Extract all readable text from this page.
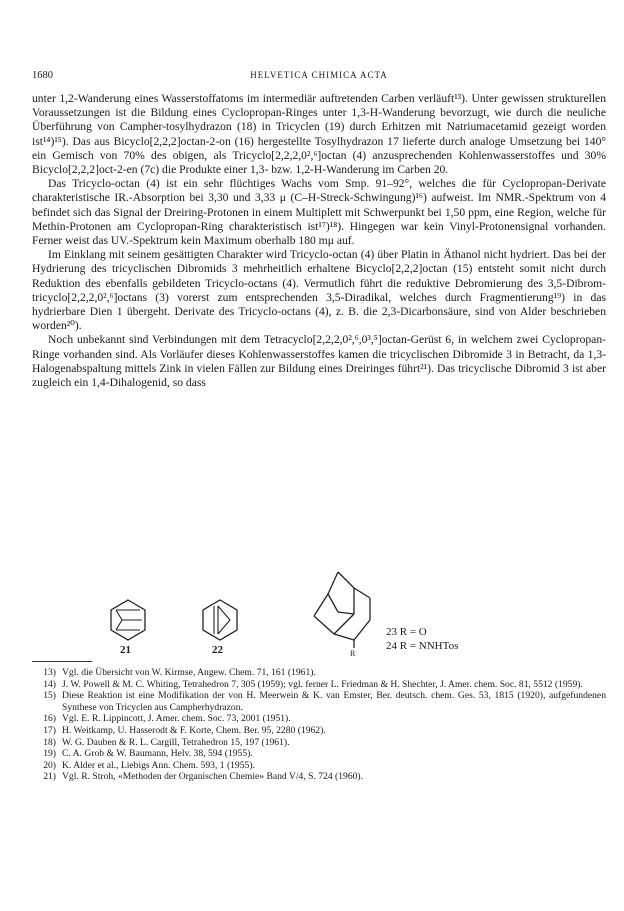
1680	HELVETICA CHIMICA ACTA

unter 1,2-Wanderung eines Wasserstoffatoms im intermediär auftretenden Carben verläuft¹³). Unter gewissen strukturellen Voraussetzungen ist die Bildung eines Cyclopropan-Ringes unter 1,3-H-Wanderung bevorzugt, wie durch die neuliche Überführung von Campher-tosylhydrazon (18) in Tricyclen (19) durch Erhitzen mit Natriumacetamid gezeigt worden ist¹⁴)¹⁵). Das aus Bicyclo[2,2,2]octan-2-on (16) hergestellte Tosylhydrazon 17 lieferte durch analoge Umsetzung bei 140° ein Gemisch von 70% des obigen, als Tricyclo[2,2,2,0²,⁶]octan (4) anzusprechenden Kohlenwasserstoffes und 30% Bicyclo[2,2,2]oct-2-en (7c) die Produkte einer 1,3- bzw. 1,2-H-Wanderung im Carben 20.

Das Tricyclo-octan (4) ist ein sehr flüchtiges Wachs vom Smp. 91–92°, welches die für Cyclopropan-Derivate charakteristische IR.-Absorption bei 3,30 und 3,33 μ (C–H-Streck-Schwingung)¹⁶) aufweist. Im NMR.-Spektrum von 4 befindet sich das Signal der Dreiring-Protonen in einem Multiplett mit Schwerpunkt bei 1,50 ppm, eine Region, welche für Methin-Protonen am Cyclopropan-Ring charakteristisch ist¹⁷)¹⁸). Hingegen war kein Vinyl-Protonensignal vorhanden. Ferner weist das UV.-Spektrum kein Maximum oberhalb 180 mμ auf.

Im Einklang mit seinem gesättigten Charakter wird Tricyclo-octan (4) über Platin in Äthanol nicht hydriert. Das bei der Hydrierung des tricyclischen Dibromids 3 mehrheitlich erhaltene Bicyclo[2,2,2]octan (15) entsteht somit nicht durch Reduktion des ebenfalls gebildeten Tricyclo-octans (4). Vermutlich führt die reduktive Debromierung des 3,5-Dibrom-tricyclo[2,2,2,0²,⁶]octans (3) vorerst zum entsprechenden 3,5-Diradikal, welches durch Fragmentierung¹⁹) in das hydrierbare Dien 1 übergeht. Derivate des Tricyclo-octans (4), z. B. die 2,3-Dicarbonsäure, sind von Alder beschrieben worden²⁰).

Noch unbekannt sind Verbindungen mit dem Tetracyclo[2,2,2,0²,⁶,0³,⁵]octan-Gerüst 6, in welchem zwei Cyclopropan-Ringe vorhanden sind. Als Vorläufer dieses Kohlenwasserstoffes kamen die tricyclischen Dibromide 3 in Betracht, da 1,3-Halogenabspaltung mittels Zink in vielen Fällen zur Bildung eines Dreiringes führt²¹). Das tricyclische Dibromid 3 ist aber zugleich ein 1,4-Dihalogenid, so dass

21	22	R
23 R = O
24 R = NNHTos
13) Vgl. die Übersicht von W. Kirmse, Angew. Chem. 71, 161 (1961).
14) J. W. Powell & M. C. Whiting, Tetrahedron 7, 305 (1959); vgl. ferner L. Friedman & H. Shechter, J. Amer. chem. Soc. 81, 5512 (1959).
15) Diese Reaktion ist eine Modifikation der von H. Meerwein & K. van Emster, Ber. deutsch. chem. Ges. 53, 1815 (1920), aufgefundenen Synthese von Tricyclen aus Campherhydrazon.
16) Vgl. E. R. Lippincott, J. Amer. chem. Soc. 73, 2001 (1951).
17) H. Weitkamp, U. Hasserodt & F. Korte, Chem. Ber. 95, 2280 (1962).
18) W. G. Dauben & R. L. Cargill, Tetrahedron 15, 197 (1961).
19) C. A. Grob & W. Baumann, Helv. 38, 594 (1955).
20) K. Alder et al., Liebigs Ann. Chem. 593, 1 (1955).
21) Vgl. R. Stroh, «Methoden der Organischen Chemie» Band V/4, S. 724 (1960).
